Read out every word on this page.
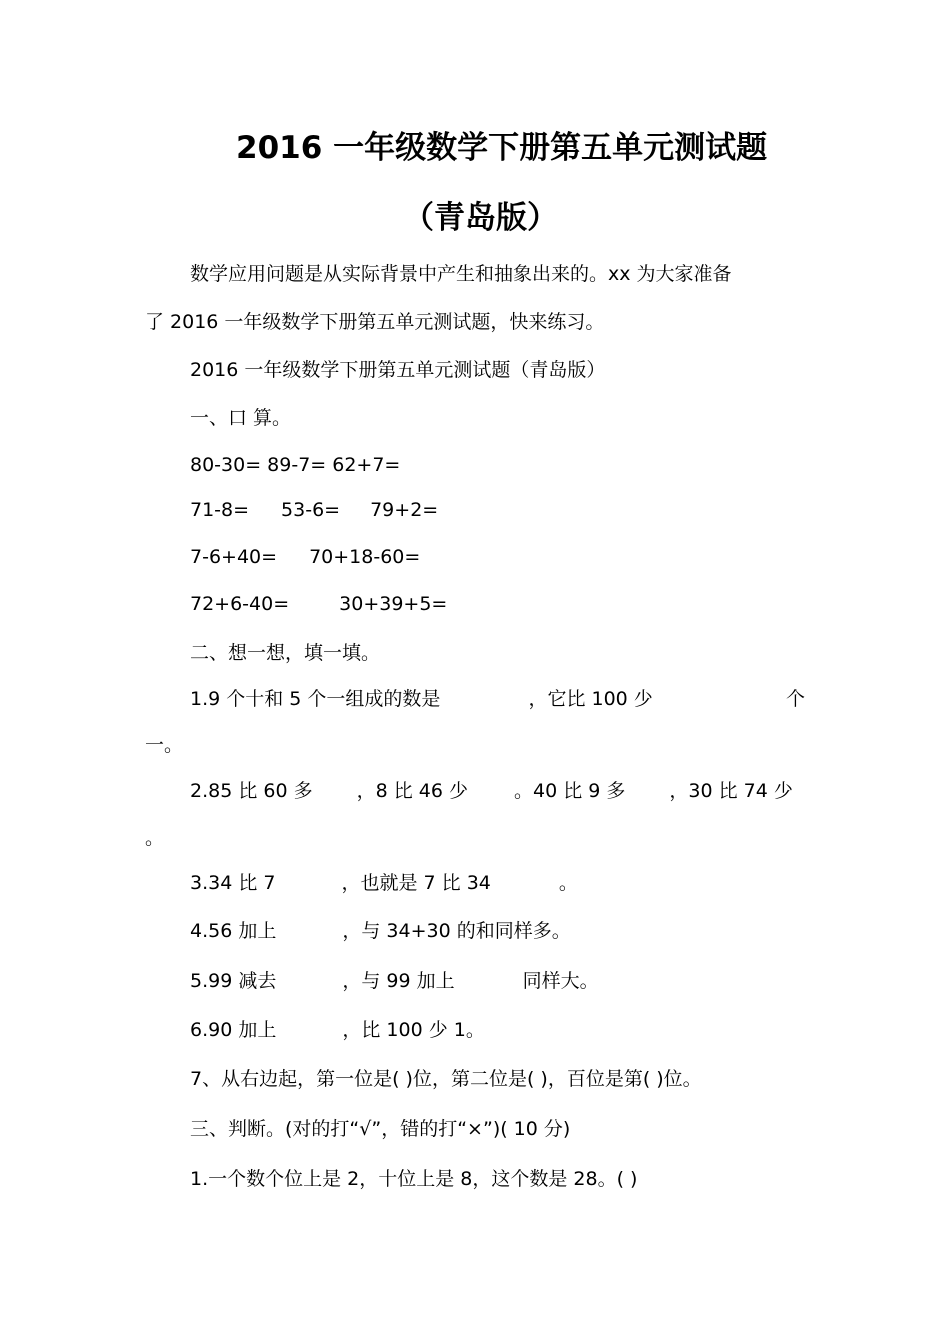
2016 一年级数学下册第五单元测试题
（青岛版）
数学应用问题是从实际背景中产生和抽象出来的。xx 为大家准备
了 2016 一年级数学下册第五单元测试题，快来练习。
2016 一年级数学下册第五单元测试题（青岛版）
一、口 算。
80-30= 89-7= 62+7=
71-8= 53-6= 79+2=
7-6+40= 70+18-60=
72+6-40=	30+39+5=
二、想一想，填一填。
1.9 个十和 5 个一组成的数是	，它比 100 少	个
一。
2.85 比 60 多 ，8 比 46 少 。40 比 9 多 ，30 比 74 少
。
3.34 比 7	，也就是 7 比 34	。
4.56 加上	，与 34+30 的和同样多。
5.99 减去	，与 99 加上	同样大。
6.90 加上	，比 100 少 1。
7、从右边起，第一位是( )位，第二位是( )，百位是第( )位。
三、判断。(对的打“√”，错的打“×”)( 10 分)
1.一个数个位上是 2，十位上是 8，这个数是 28。( )
